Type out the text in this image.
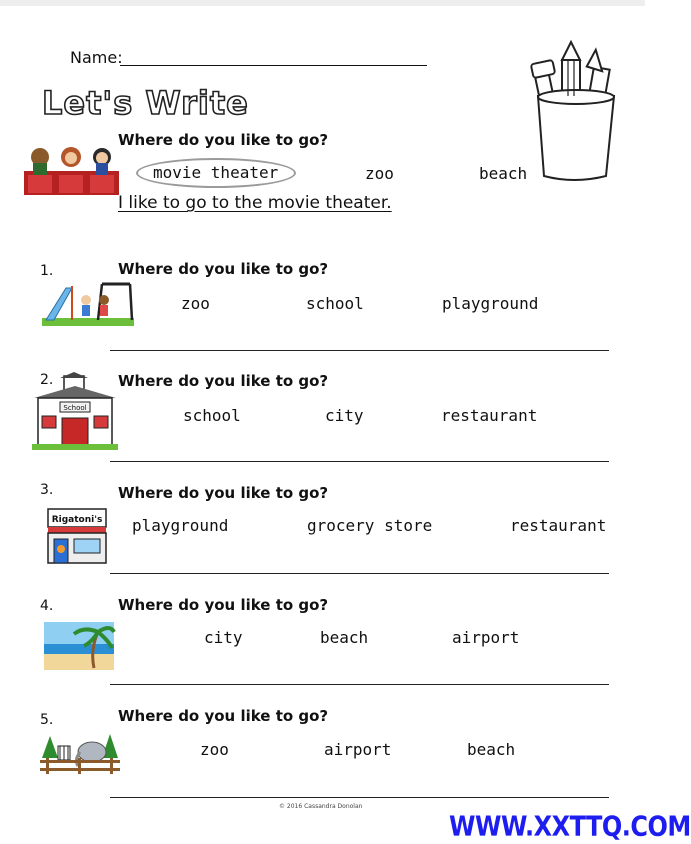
Name:
Let's Write
Where do you like to go?
movie theater	zoo	beach
I like to go to the movie theater.
1.	Where do you like to go?
zoo	school	playground
2.	Where do you like to go?
School	school	city	restaurant
3.	Where do you like to go?
Rigatoni's playground	grocery store	restaurant
4.	Where do you like to go?
city	beach	airport
5.	Where do you like to go?
zoo	airport	beach
© 2016 Cassandra Donolan
WWW.XXTTQ.COM
